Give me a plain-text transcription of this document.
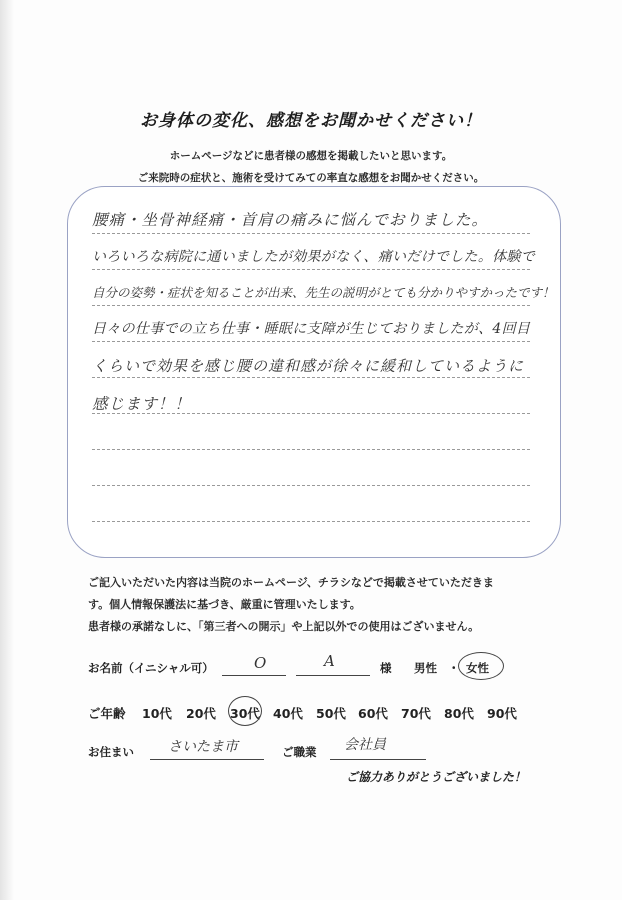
お身体の変化、感想をお聞かせください！
ホームページなどに患者様の感想を掲載したいと思います。
ご来院時の症状と、施術を受けてみての率直な感想をお聞かせください。
腰痛・坐骨神経痛・首肩の痛みに悩んでおりました。
いろいろな病院に通いましたが効果がなく、痛いだけでした。体験で
自分の姿勢・症状を知ることが出来、先生の説明がとても分かりやすかったです！
日々の仕事での立ち仕事・睡眠に支障が生じておりましたが、4回目
くらいで効果を感じ腰の違和感が徐々に緩和しているように
感じます！！
ご記入いただいた内容は当院のホームページ、チラシなどで掲載させていただきま
す。個人情報保護法に基づき、厳重に管理いたします。
患者様の承諾なしに、「第三者への開示」や上記以外での使用はございません。
お名前（イニシャル可）	O	A	様 男性 ・ 女性
ご年齢 10代 20代 30代 40代 50代 60代 70代 80代 90代
お住まい さいたま市	ご職業 会社員
ご協力ありがとうございました！
